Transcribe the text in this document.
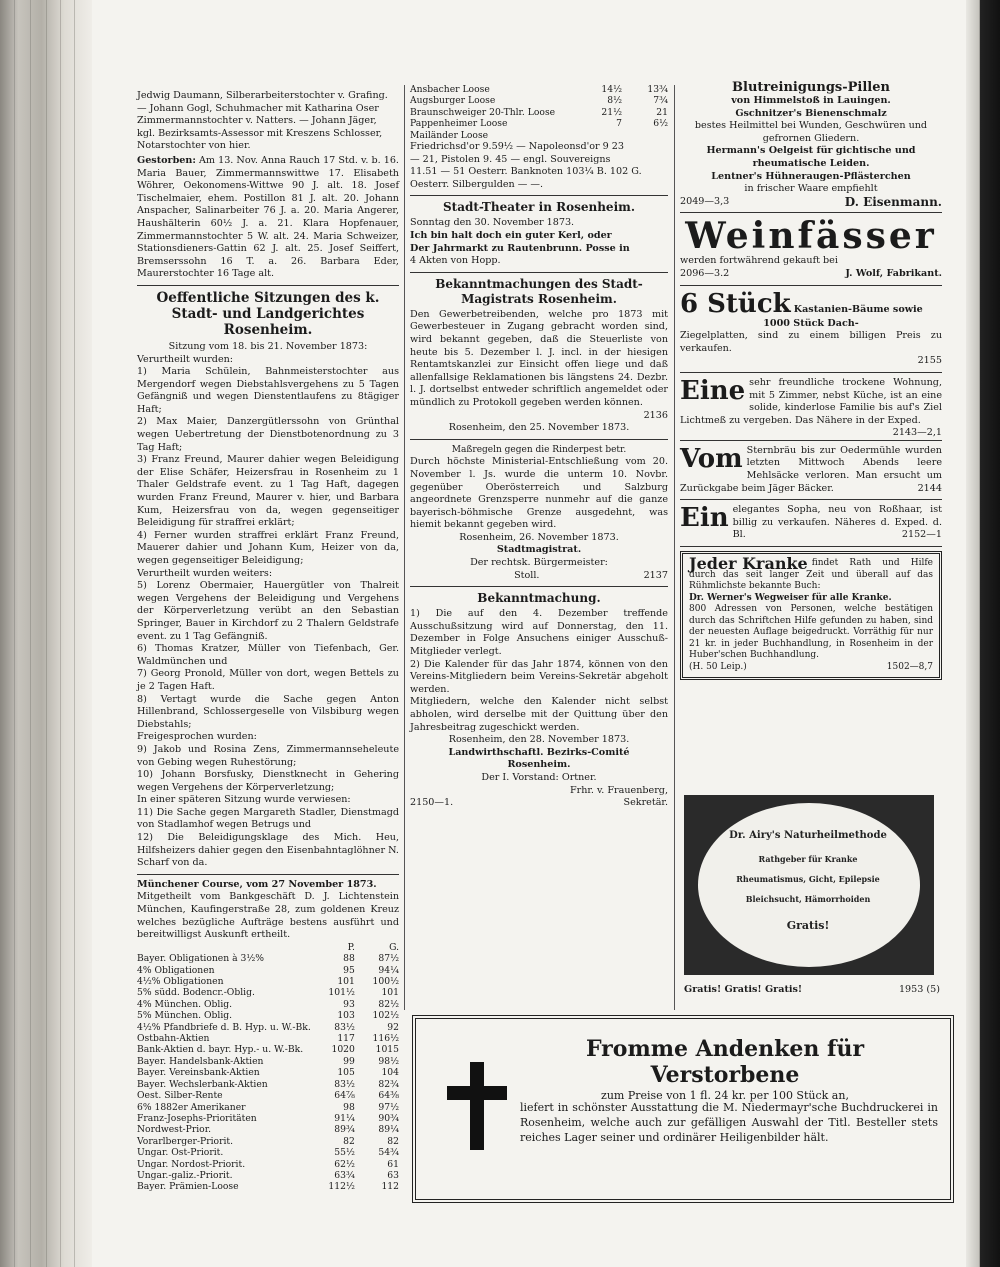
Jedwig Daumann, Silberarbeiterstochter v. Grafing.

— Johann Gogl, Schuhmacher mit Katharina Oser

Zimmermannstochter v. Natters. — Johann Jäger,

kgl. Bezirksamts-Assessor mit Kreszens Schlosser,

Notarstochter von hier.

Gestorben: Am 13. Nov. Anna Rauch 17 Std. v. b. 16. Maria Bauer, Zimmermannswittwe 17. Elisabeth Wöhrer, Oekonomens-Wittwe 90 J. alt. 18. Josef Tischelmaier, ehem. Postillon 81 J. alt. 20. Johann Anspacher, Salinarbeiter 76 J. a. 20. Maria Angerer, Haushälterin 60½ J. a. 21. Klara Hopfenauer, Zimmermannstochter 5 W. alt. 24. Maria Schweizer, Stationsdieners-Gattin 62 J. alt. 25. Josef Seiffert, Bremserssohn 16 T. a. 26. Barbara Eder, Maurerstochter 16 Tage alt.

Oeffentliche Sitzungen des k. Stadt- und Landgerichtes Rosenheim.

Sitzung vom 18. bis 21. November 1873:

Verurtheilt wurden:

1) Maria Schülein, Bahnmeisterstochter aus Mergendorf wegen Diebstahlsvergehens zu 5 Tagen Gefängniß und wegen Dienstentlaufens zu 8tägiger Haft;

2) Max Maier, Danzergütlerssohn von Grünthal wegen Uebertretung der Dienstbotenordnung zu 3 Tag Haft;

3) Franz Freund, Maurer dahier wegen Beleidigung der Elise Schäfer, Heizersfrau in Rosenheim zu 1 Thaler Geldstrafe event. zu 1 Tag Haft, dagegen wurden Franz Freund, Maurer v. hier, und Barbara Kum, Heizersfrau von da, wegen gegenseitiger Beleidigung für straffrei erklärt;

4) Ferner wurden straffrei erklärt Franz Freund, Mauerer dahier und Johann Kum, Heizer von da, wegen gegenseitiger Beleidigung;

Verurtheilt wurden weiters:

5) Lorenz Obermaier, Hauergütler von Thalreit wegen Vergehens der Beleidigung und Vergehens der Körperverletzung verübt an den Sebastian Springer, Bauer in Kirchdorf zu 2 Thalern Geldstrafe event. zu 1 Tag Gefängniß.

6) Thomas Kratzer, Müller von Tiefenbach, Ger. Waldmünchen und

7) Georg Pronold, Müller von dort, wegen Bettels zu je 2 Tagen Haft.

8) Vertagt wurde die Sache gegen Anton Hillenbrand, Schlossergeselle von Vilsbiburg wegen Diebstahls;

Freigesprochen wurden:

9) Jakob und Rosina Zens, Zimmermannseheleute von Gebing wegen Ruhestörung;

10) Johann Borsfusky, Dienstknecht in Gehering wegen Vergehens der Körperverletzung;

In einer späteren Sitzung wurde verwiesen:

11) Die Sache gegen Margareth Stadler, Dienstmagd von Stadlamhof wegen Betrugs und

12) Die Beleidigungsklage des Mich. Heu, Hilfsheizers dahier gegen den Eisenbahntaglöhner N. Scharf von da.

Münchener Course, vom 27 November 1873.

Mitgetheilt vom Bankgeschäft D. J. Lichtenstein München, Kaufingerstraße 28, zum goldenen Kreuz welches bezügliche Aufträge bestens ausführt und bereitwilligst Auskunft ertheilt.

	P.	G.
Bayer. Obligationen à 3½%	88	87½
4% Obligationen	95	94¼
4½% Obligationen	101	100½
5% südd. Bodencr.-Oblig.	101½	101
4% München. Oblig.	93	82½
5% München. Oblig.	103	102½
4½% Pfandbriefe d. B. Hyp. u. W.-Bk.	83½	92
Ostbahn-Aktien	117	116½
Bank-Aktien d. bayr. Hyp.- u. W.-Bk.	1020	1015
Bayer. Handelsbank-Aktien	99	98½
Bayer. Vereinsbank-Aktien	105	104
Bayer. Wechslerbank-Aktien	83½	82¾
Oest. Silber-Rente	64⅞	64⅜
6% 1882er Amerikaner	98	97½
Franz-Josephs-Prioritäten	91¼	90¾
Nordwest-Prior.	89¾	89¼
Vorarlberger-Priorit.	82	82
Ungar. Ost-Priorit.	55½	54¾
Ungar. Nordost-Priorit.	62½	61
Ungar.-galiz.-Priorit.	63¾	63
Bayer. Prämien-Loose	112½	112
Ansbacher Loose	14½	13¾
Augsburger Loose	8½	7¾
Braunschweiger 20-Thlr. Loose	21½	21
Pappenheimer Loose	7	6½
Mailänder Loose		

Friedrichsd'or 9.59½ — Napoleonsd'or 9 23

— 21, Pistolen 9. 45 — engl. Souvereigns

11.51 — 51 Oesterr. Banknoten 103¼ B. 102 G.

Oesterr. Silbergulden — —.

Stadt-Theater in Rosenheim.

Sonntag den 30. November 1873.

Ich bin halt doch ein guter Kerl, oder

Der Jahrmarkt zu Rautenbrunn. Posse in

4 Akten von Hopp.

Bekanntmachungen des Stadt-Magistrats Rosenheim.

Den Gewerbetreibenden, welche pro 1873 mit Gewerbesteuer in Zugang gebracht worden sind, wird bekannt gegeben, daß die Steuerliste von heute bis 5. Dezember l. J. incl. in der hiesigen Rentamtskanzlei zur Einsicht offen liege und daß allenfallsige Reklamationen bis längstens 24. Dezbr. l. J. dortselbst entweder schriftlich angemeldet oder mündlich zu Protokoll gegeben werden können.

2136

Rosenheim, den 25. November 1873.

Maßregeln gegen die Rinderpest betr.

Durch höchste Ministerial-Entschließung vom 20. November l. Js. wurde die unterm 10. Novbr. gegenüber Oberösterreich und Salzburg angeordnete Grenzsperre nunmehr auf die ganze bayerisch-böhmische Grenze ausgedehnt, was hiemit bekannt gegeben wird.

Rosenheim, 26. November 1873.

Stadtmagistrat.

Der rechtsk. Bürgermeister:

Stoll.	2137

Bekanntmachung.

1) Die auf den 4. Dezember treffende Ausschußsitzung wird auf Donnerstag, den 11. Dezember in Folge Ansuchens einiger Ausschuß-Mitglieder verlegt.

2) Die Kalender für das Jahr 1874, können von den Vereins-Mitgliedern beim Vereins-Sekretär abgeholt werden.

Mitgliedern, welche den Kalender nicht selbst abholen, wird derselbe mit der Quittung über den Jahresbeitrag zugeschickt werden.

Rosenheim, den 28. November 1873.

Landwirthschaftl. Bezirks-Comité

Rosenheim.

Der I. Vorstand: Ortner.

Frhr. v. Frauenberg,

2150—1.	Sekretär.

Blutreinigungs-Pillen

von Himmelstoß in Lauingen.

Gschnitzer's Bienenschmalz

bestes Heilmittel bei Wunden, Geschwüren und gefrornen Gliedern.

Hermann's Oelgeist für gichtische und rheumatische Leiden.

Lentner's Hühneraugen-Pflästerchen

in frischer Waare empfiehlt

2049—3,3	D. Eisenmann.

Weinfässer

werden fortwährend gekauft bei

2096—3.2	J. Wolf, Fabrikant.

6 Stück Kastanien-Bäume sowie

1000 Stück Dach-

Ziegelplatten, sind zu einem billigen Preis zu verkaufen.

2155

Eine sehr freundliche trockene Wohnung, mit 5 Zimmer, nebst Küche, ist an eine solide, kinderlose Familie bis auf's Ziel Lichtmeß zu vergeben. Das Nähere in der Exped.
2143—2,1

Vom Sternbräu bis zur Oedermühle wurden letzten Mittwoch Abends leere Mehlsäcke verloren. Man ersucht um Zurückgabe beim Jäger Bäcker.	2144

Ein elegantes Sopha, neu von Roßhaar, ist billig zu verkaufen. Näheres d. Exped. d. Bl.	2152—1

Jeder Kranke findet Rath und Hilfe durch das seit langer Zeit und überall auf das Rühmlichste bekannte Buch:

Dr. Werner's Wegweiser für alle Kranke.

800 Adressen von Personen, welche bestätigen durch das Schriftchen Hilfe gefunden zu haben, sind der neuesten Auflage beigedruckt. Vorräthig für nur 21 kr. in jeder Buchhandlung, in Rosenheim in der Huber'schen Buchhandlung.

(H. 50 Leip.)	1502—8,7

Dr. Airy's Naturheilmethode
Rathgeber für Kranke
Rheumatismus, Gicht, Epilepsie
Bleichsucht, Hämorrhoiden
Gratis!

Gratis! Gratis! Gratis!	1953 (5)

Fromme Andenken für Verstorbene

zum Preise von 1 fl. 24 kr. per 100 Stück an,

liefert in schönster Ausstattung die M. Niedermayr'sche Buchdruckerei in Rosenheim, welche auch zur gefälligen Auswahl der Titl. Besteller stets reiches Lager seiner und ordinärer Heiligenbilder hält.
